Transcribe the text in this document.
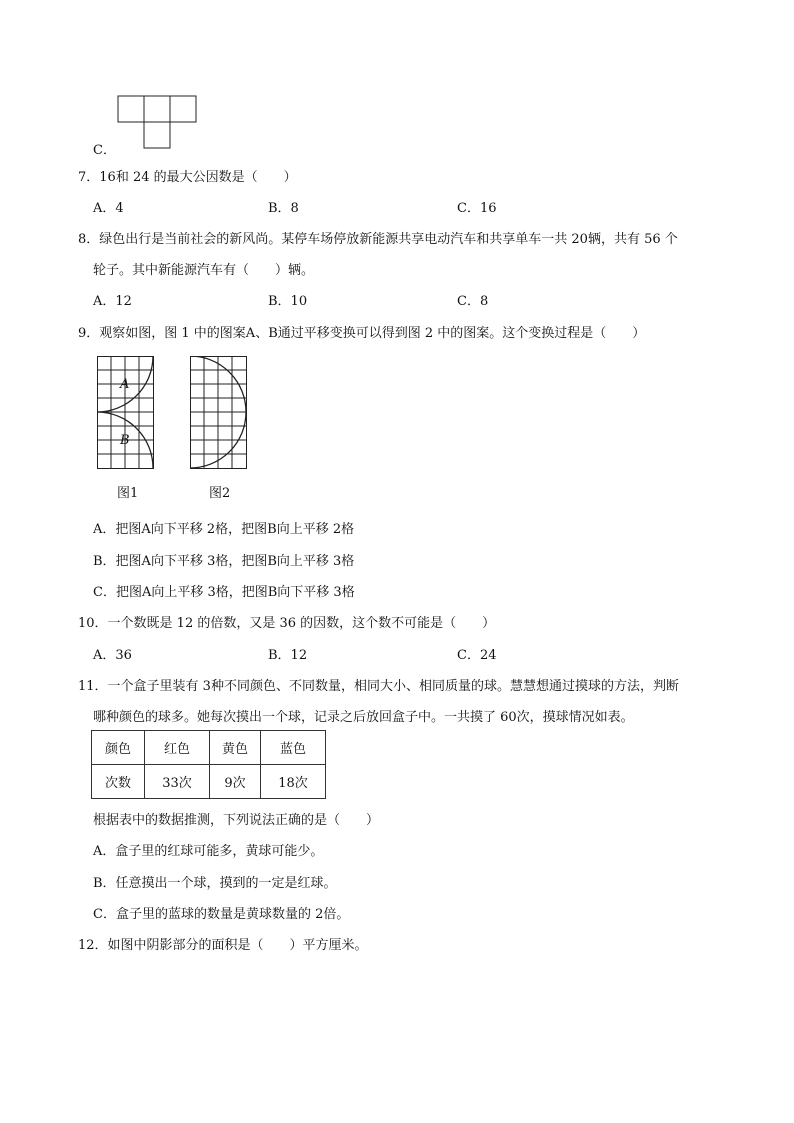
C．
7．16和 24 的最大公因数是（　　）
A．4	B．8	C．16
8．绿色出行是当前社会的新风尚。某停车场停放新能源共享电动汽车和共享单车一共 20辆，共有 56 个
轮子。其中新能源汽车有（　　）辆。
A．12	B．10	C．8
9．观察如图，图 1 中的图案A、B通过平移变换可以得到图 2 中的图案。这个变换过程是（　　）
A
B
图1	图2
A．把图A向下平移 2格，把图B向上平移 2格
B．把图A向下平移 3格，把图B向上平移 3格
C．把图A向上平移 3格，把图B向下平移 3格
10．一个数既是 12 的倍数，又是 36 的因数，这个数不可能是（　　）
A．36	B．12	C．24
11．一个盒子里装有 3种不同颜色、不同数量，相同大小、相同质量的球。慧慧想通过摸球的方法，判断
哪种颜色的球多。她每次摸出一个球，记录之后放回盒子中。一共摸了 60次，摸球情况如表。
颜色	红色	黄色	蓝色
次数	33次	9次	18次
根据表中的数据推测，下列说法正确的是（　　）
A．盒子里的红球可能多，黄球可能少。
B．任意摸出一个球，摸到的一定是红球。
C．盒子里的蓝球的数量是黄球数量的 2倍。
12．如图中阴影部分的面积是（　　）平方厘米。
